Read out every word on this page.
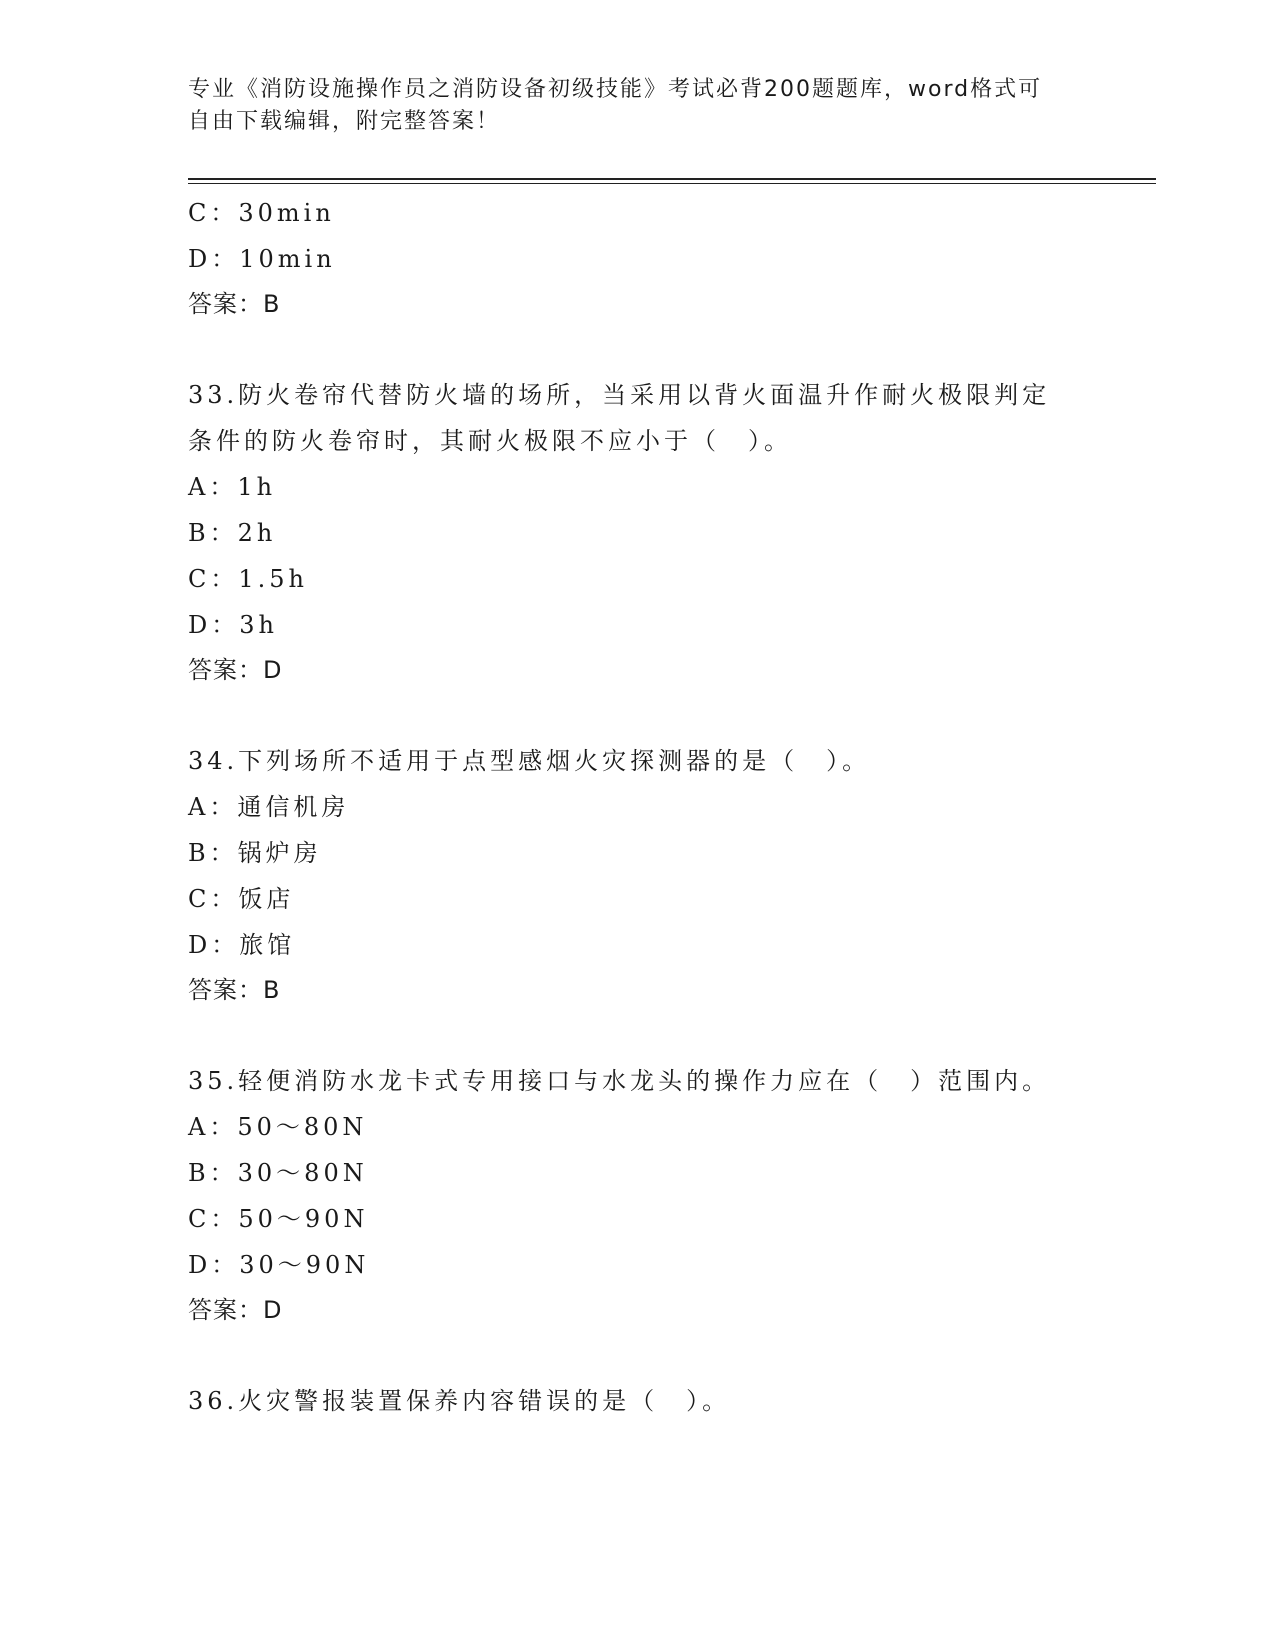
专业《消防设施操作员之消防设备初级技能》考试必背200题题库，word格式可
自由下载编辑，附完整答案！
C：30min
D：10min
答案：B
33.防火卷帘代替防火墙的场所，当采用以背火面温升作耐火极限判定
条件的防火卷帘时，其耐火极限不应小于（　）。
A：1h
B：2h
C：1.5h
D：3h
答案：D
34.下列场所不适用于点型感烟火灾探测器的是（　）。
A：通信机房
B：锅炉房
C：饭店
D：旅馆
答案：B
35.轻便消防水龙卡式专用接口与水龙头的操作力应在（　）范围内。
A：50～80N
B：30～80N
C：50～90N
D：30～90N
答案：D
36.火灾警报装置保养内容错误的是（　）。
